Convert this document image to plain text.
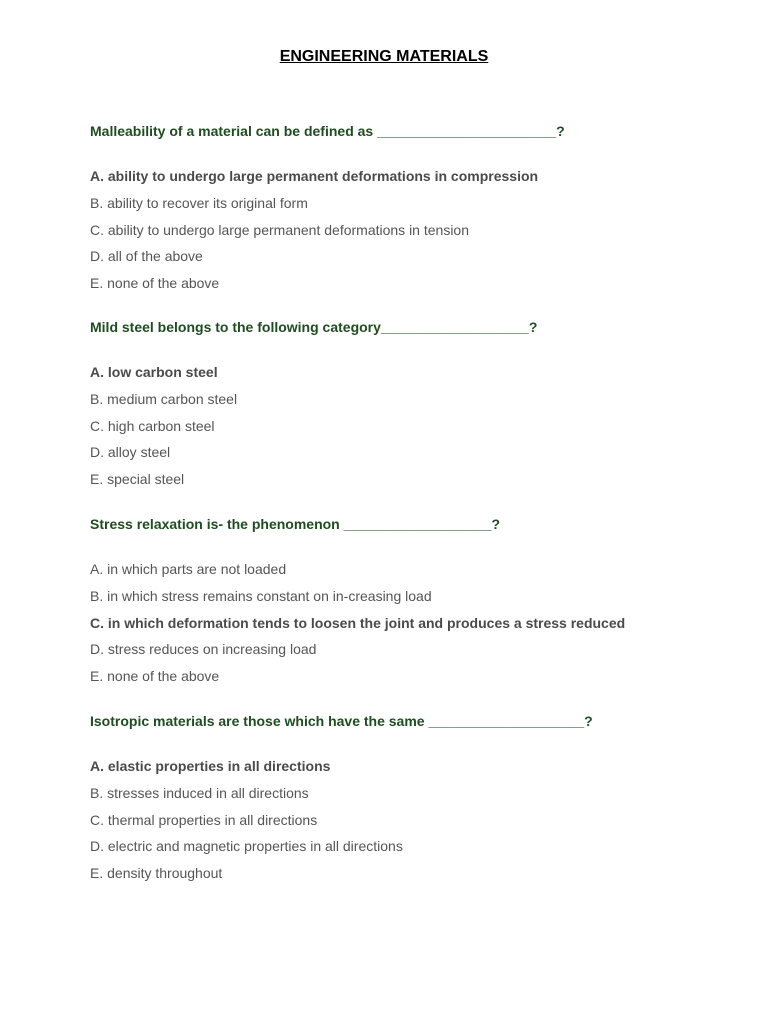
ENGINEERING MATERIALS

Malleability of a material can be defined as _______________________?

A. ability to undergo large permanent deformations in compression
B. ability to recover its original form
C. ability to undergo large permanent deformations in tension
D. all of the above
E. none of the above

Mild steel belongs to the following category___________________?

A. low carbon steel
B. medium carbon steel
C. high carbon steel
D. alloy steel
E. special steel

Stress relaxation is- the phenomenon ___________________?

A. in which parts are not loaded
B. in which stress remains constant on in-creasing load
C. in which deformation tends to loosen the joint and produces a stress reduced
D. stress reduces on increasing load
E. none of the above

Isotropic materials are those which have the same ____________________?

A. elastic properties in all directions
B. stresses induced in all directions
C. thermal properties in all directions
D. electric and magnetic properties in all directions
E. density throughout
